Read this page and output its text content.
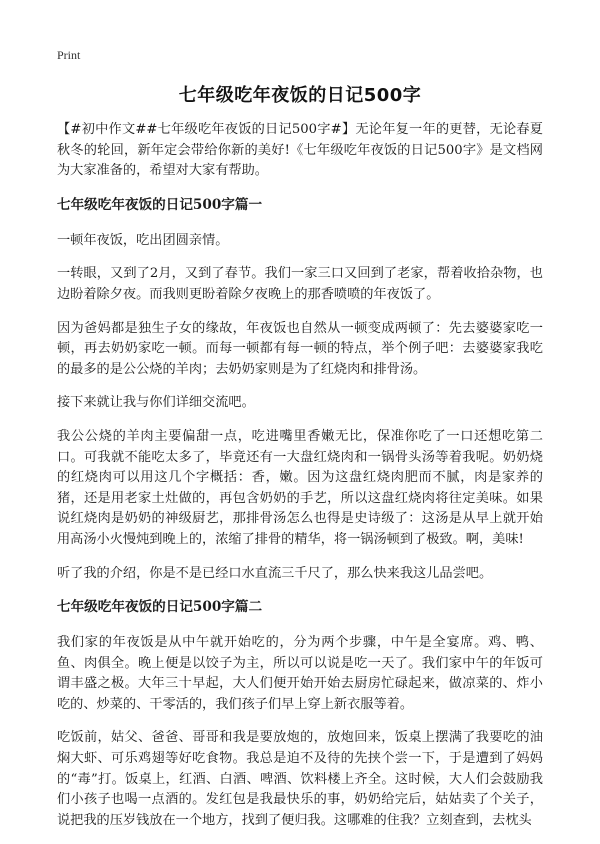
Print
七年级吃年夜饭的日记500字

【#初中作文##七年级吃年夜饭的日记500字#】无论年复一年的更替，无论春夏秋冬的轮回，新年定会带给你新的美好!《七年级吃年夜饭的日记500字》是文档网为大家准备的，希望对大家有帮助。

七年级吃年夜饭的日记500字篇一

一顿年夜饭，吃出团圆亲情。

一转眼，又到了2月，又到了春节。我们一家三口又回到了老家，帮着收拾杂物，也边盼着除夕夜。而我则更盼着除夕夜晚上的那香喷喷的年夜饭了。

因为爸妈都是独生子女的缘故，年夜饭也自然从一顿变成两顿了：先去婆婆家吃一顿，再去奶奶家吃一顿。而每一顿都有每一顿的特点，举个例子吧：去婆婆家我吃的最多的是公公烧的羊肉；去奶奶家则是为了红烧肉和排骨汤。

接下来就让我与你们详细交流吧。

我公公烧的羊肉主要偏甜一点，吃进嘴里香嫩无比，保准你吃了一口还想吃第二口。可我就不能吃太多了，毕竟还有一大盘红烧肉和一锅骨头汤等着我呢。奶奶烧的红烧肉可以用这几个字概括：香，嫩。因为这盘红烧肉肥而不腻，肉是家养的猪，还是用老家土灶做的，再包含奶奶的手艺，所以这盘红烧肉将往定美味。如果说红烧肉是奶奶的神级厨艺，那排骨汤怎么也得是史诗级了：这汤是从早上就开始用高汤小火慢炖到晚上的，浓缩了排骨的精华，将一锅汤顿到了极致。啊，美味!

听了我的介绍，你是不是已经口水直流三千尺了，那么快来我这儿品尝吧。

七年级吃年夜饭的日记500字篇二

我们家的年夜饭是从中午就开始吃的，分为两个步骤，中午是全宴席。鸡、鸭、鱼、肉俱全。晚上便是以饺子为主，所以可以说是吃一天了。我们家中午的年饭可谓丰盛之极。大年三十早起，大人们便开始开始去厨房忙碌起来，做凉菜的、炸小吃的、炒菜的、干零活的，我们孩子们早上穿上新衣服等着。

吃饭前，姑父、爸爸、哥哥和我是要放炮的，放炮回来，饭桌上摆满了我要吃的油焖大虾、可乐鸡翅等好吃食物。我总是迫不及待的先挟个尝一下，于是遭到了妈妈的“毒”打。饭桌上，红酒、白酒、啤酒、饮料楼上齐全。这时候，大人们会鼓励我们小孩子也喝一点酒的。发红包是我最快乐的事，奶奶给完后，姑姑卖了个关子，说把我的压岁钱放在一个地方，找到了便归我。这哪难的住我？立刻查到，去枕头
